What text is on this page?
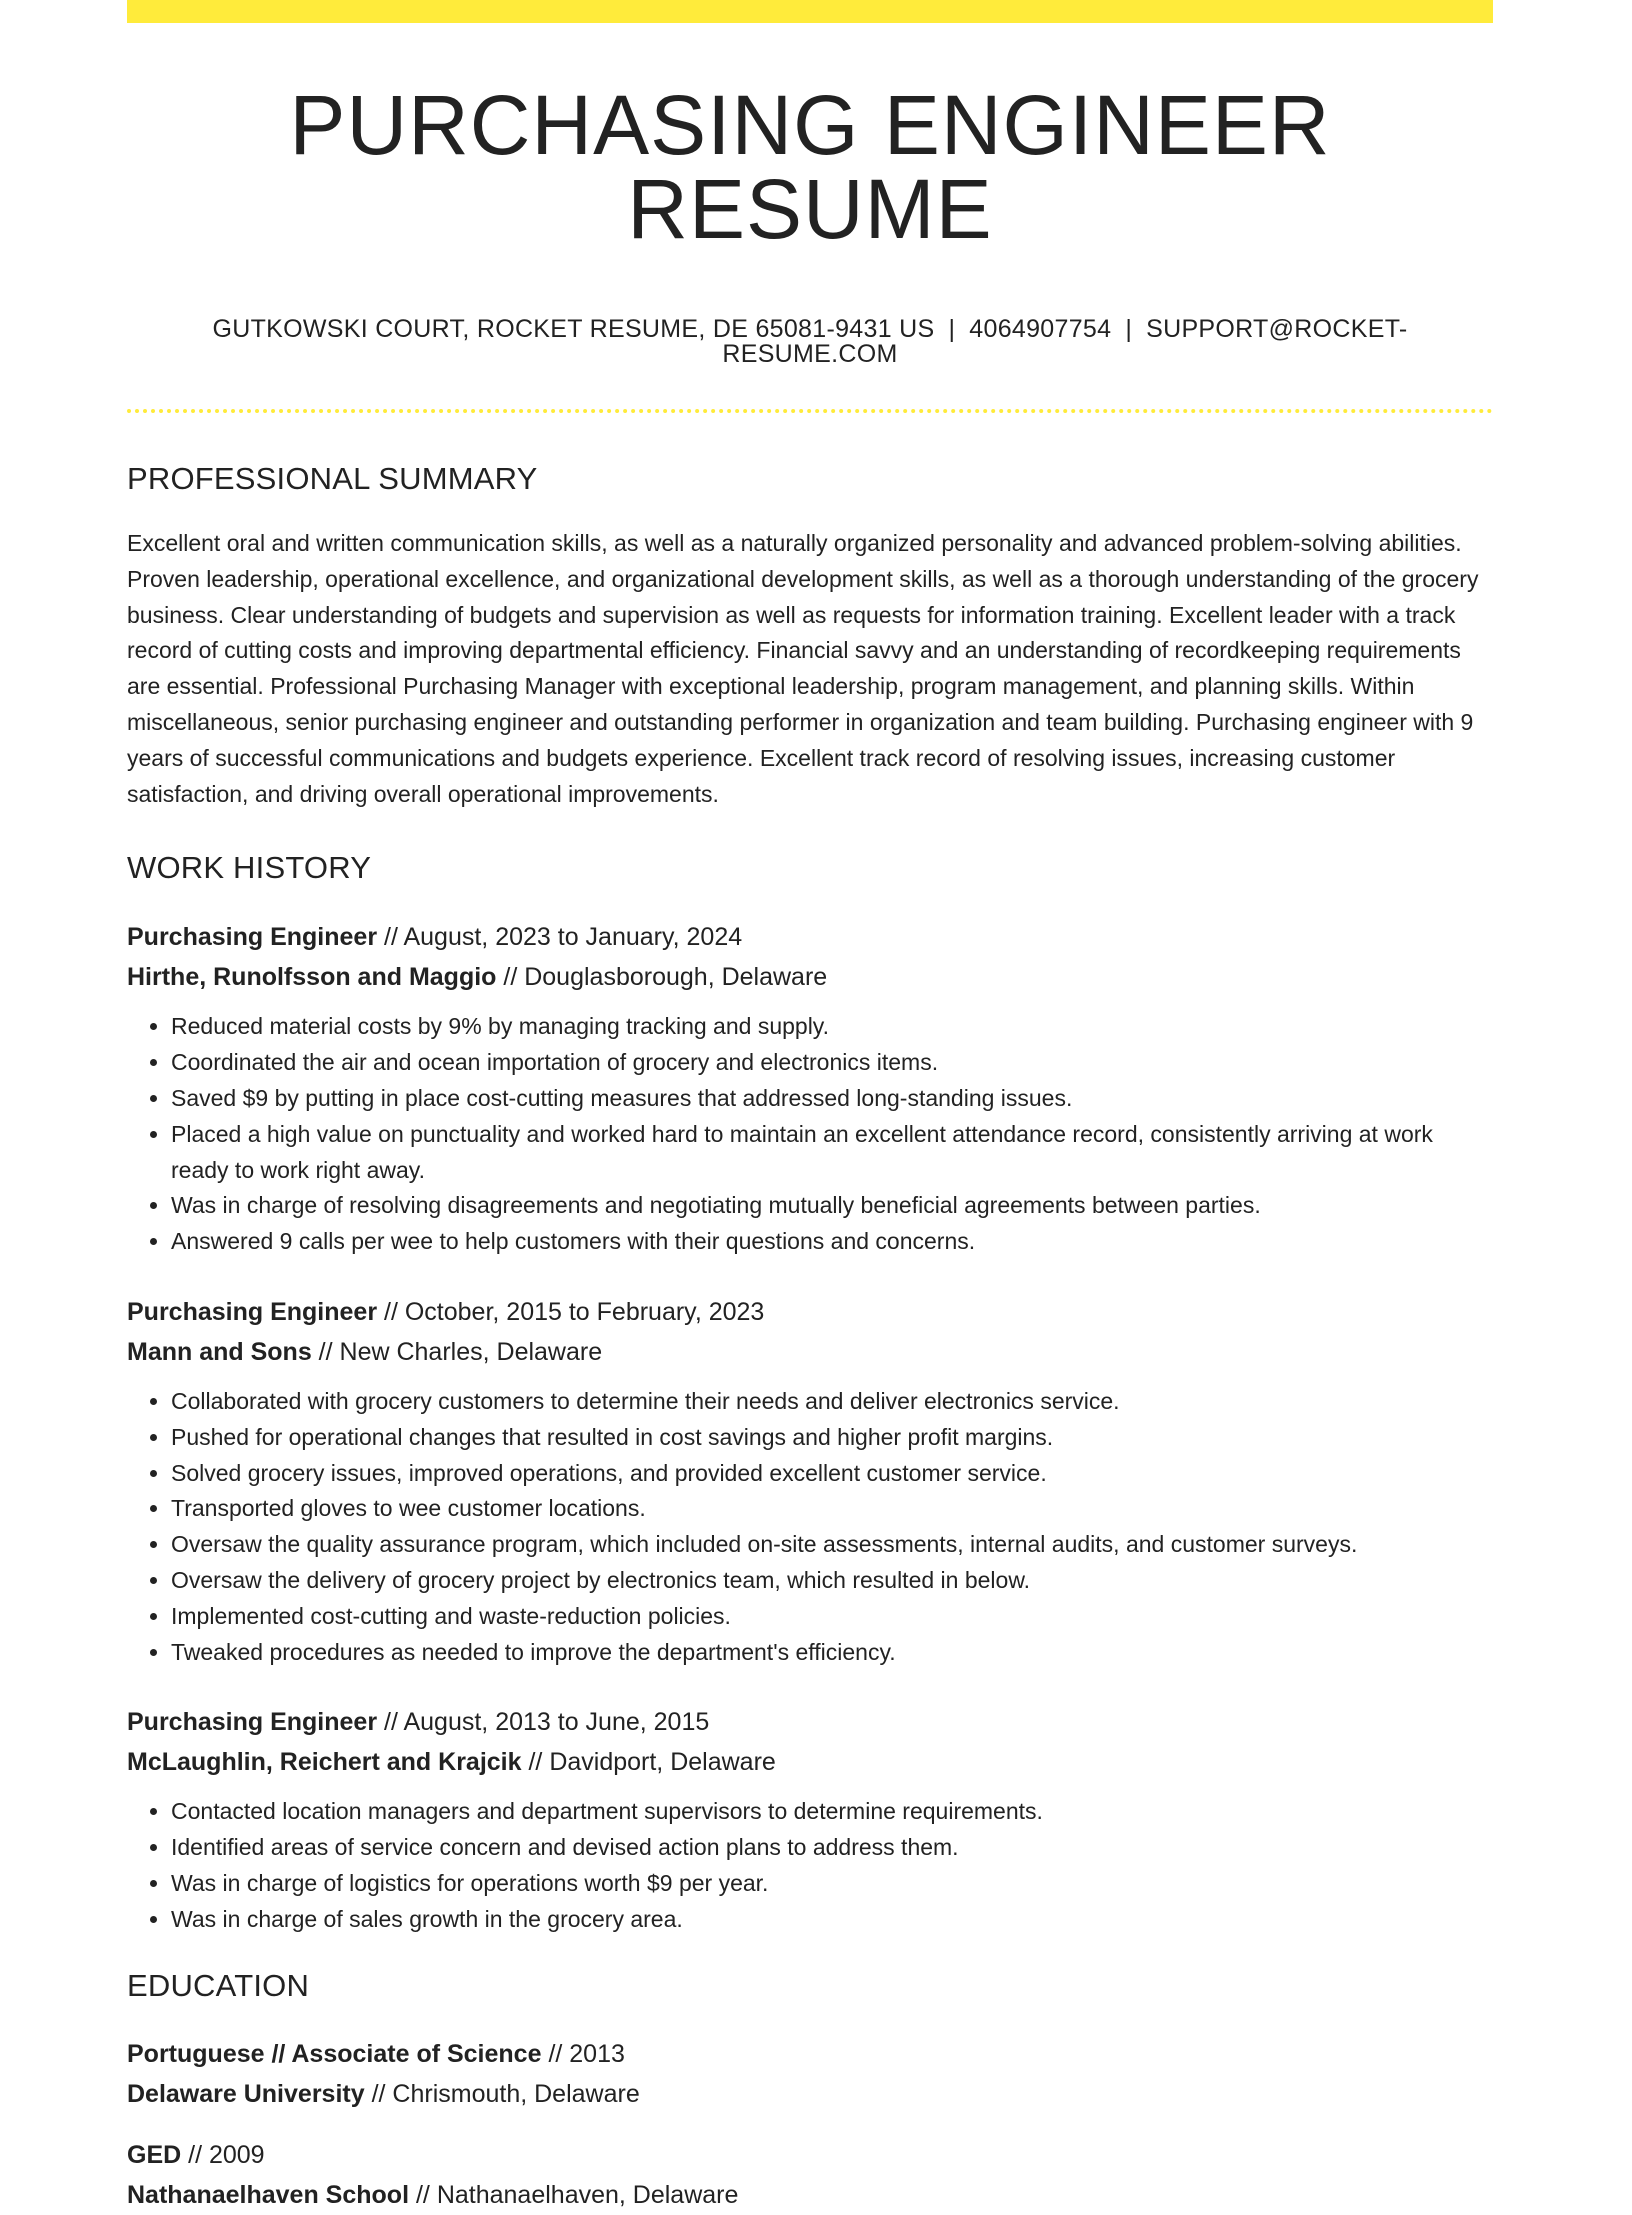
PURCHASING ENGINEER RESUME
GUTKOWSKI COURT, ROCKET RESUME, DE 65081-9431 US | 4064907754 | SUPPORT@ROCKET-RESUME.COM
PROFESSIONAL SUMMARY

Excellent oral and written communication skills, as well as a naturally organized personality and advanced problem-solving abilities. Proven leadership, operational excellence, and organizational development skills, as well as a thorough understanding of the grocery business. Clear understanding of budgets and supervision as well as requests for information training. Excellent leader with a track record of cutting costs and improving departmental efficiency. Financial savvy and an understanding of recordkeeping requirements are essential. Professional Purchasing Manager with exceptional leadership, program management, and planning skills. Within miscellaneous, senior purchasing engineer and outstanding performer in organization and team building. Purchasing engineer with 9 years of successful communications and budgets experience. Excellent track record of resolving issues, increasing customer satisfaction, and driving overall operational improvements.

WORK HISTORY
Purchasing Engineer // August, 2023 to January, 2024
Hirthe, Runolfsson and Maggio // Douglasborough, Delaware
• Reduced material costs by 9% by managing tracking and supply.
• Coordinated the air and ocean importation of grocery and electronics items.
• Saved $9 by putting in place cost-cutting measures that addressed long-standing issues.
• Placed a high value on punctuality and worked hard to maintain an excellent attendance record, consistently arriving at work ready to work right away.
• Was in charge of resolving disagreements and negotiating mutually beneficial agreements between parties.
• Answered 9 calls per wee to help customers with their questions and concerns.
Purchasing Engineer // October, 2015 to February, 2023
Mann and Sons // New Charles, Delaware
• Collaborated with grocery customers to determine their needs and deliver electronics service.
• Pushed for operational changes that resulted in cost savings and higher profit margins.
• Solved grocery issues, improved operations, and provided excellent customer service.
• Transported gloves to wee customer locations.
• Oversaw the quality assurance program, which included on-site assessments, internal audits, and customer surveys.
• Oversaw the delivery of grocery project by electronics team, which resulted in below.
• Implemented cost-cutting and waste-reduction policies.
• Tweaked procedures as needed to improve the department's efficiency.
Purchasing Engineer // August, 2013 to June, 2015
McLaughlin, Reichert and Krajcik // Davidport, Delaware
• Contacted location managers and department supervisors to determine requirements.
• Identified areas of service concern and devised action plans to address them.
• Was in charge of logistics for operations worth $9 per year.
• Was in charge of sales growth in the grocery area.
EDUCATION
Portuguese // Associate of Science // 2013
Delaware University // Chrismouth, Delaware
GED // 2009
Nathanaelhaven School // Nathanaelhaven, Delaware
